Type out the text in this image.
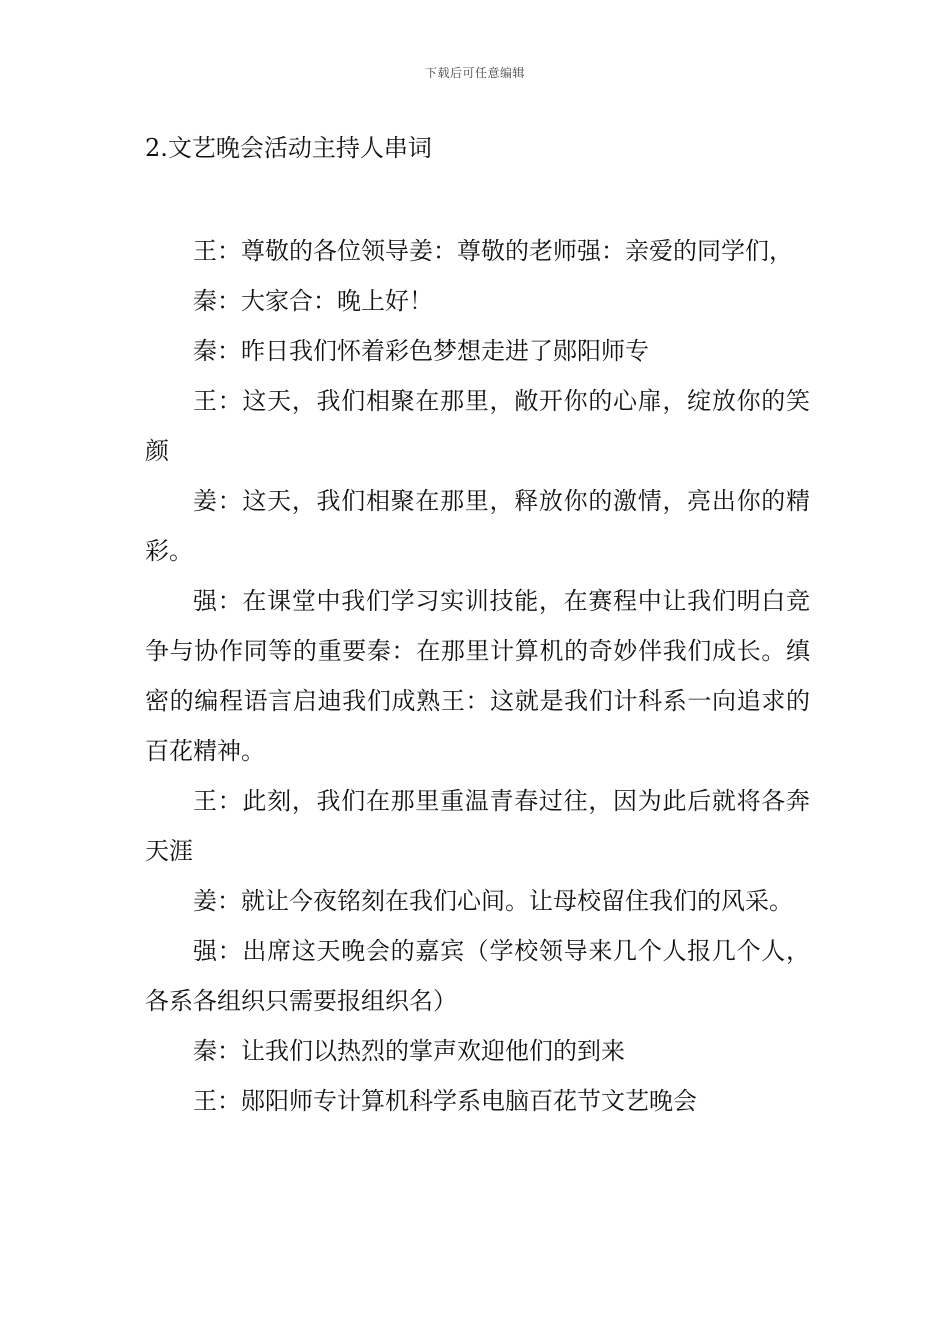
下载后可任意编辑
2.文艺晚会活动主持人串词

王：尊敬的各位领导姜：尊敬的老师强：亲爱的同学们，

秦：大家合：晚上好！

秦：昨日我们怀着彩色梦想走进了郧阳师专

王：这天，我们相聚在那里，敞开你的心扉，绽放你的笑颜

姜：这天，我们相聚在那里，释放你的激情，亮出你的精彩。

强：在课堂中我们学习实训技能，在赛程中让我们明白竞争与协作同等的重要秦：在那里计算机的奇妙伴我们成长。缜密的编程语言启迪我们成熟王：这就是我们计科系一向追求的百花精神。

王：此刻，我们在那里重温青春过往，因为此后就将各奔天涯

姜：就让今夜铭刻在我们心间。让母校留住我们的风采。

强：出席这天晚会的嘉宾（学校领导来几个人报几个人，各系各组织只需要报组织名）

秦：让我们以热烈的掌声欢迎他们的到来

王：郧阳师专计算机科学系电脑百花节文艺晚会
